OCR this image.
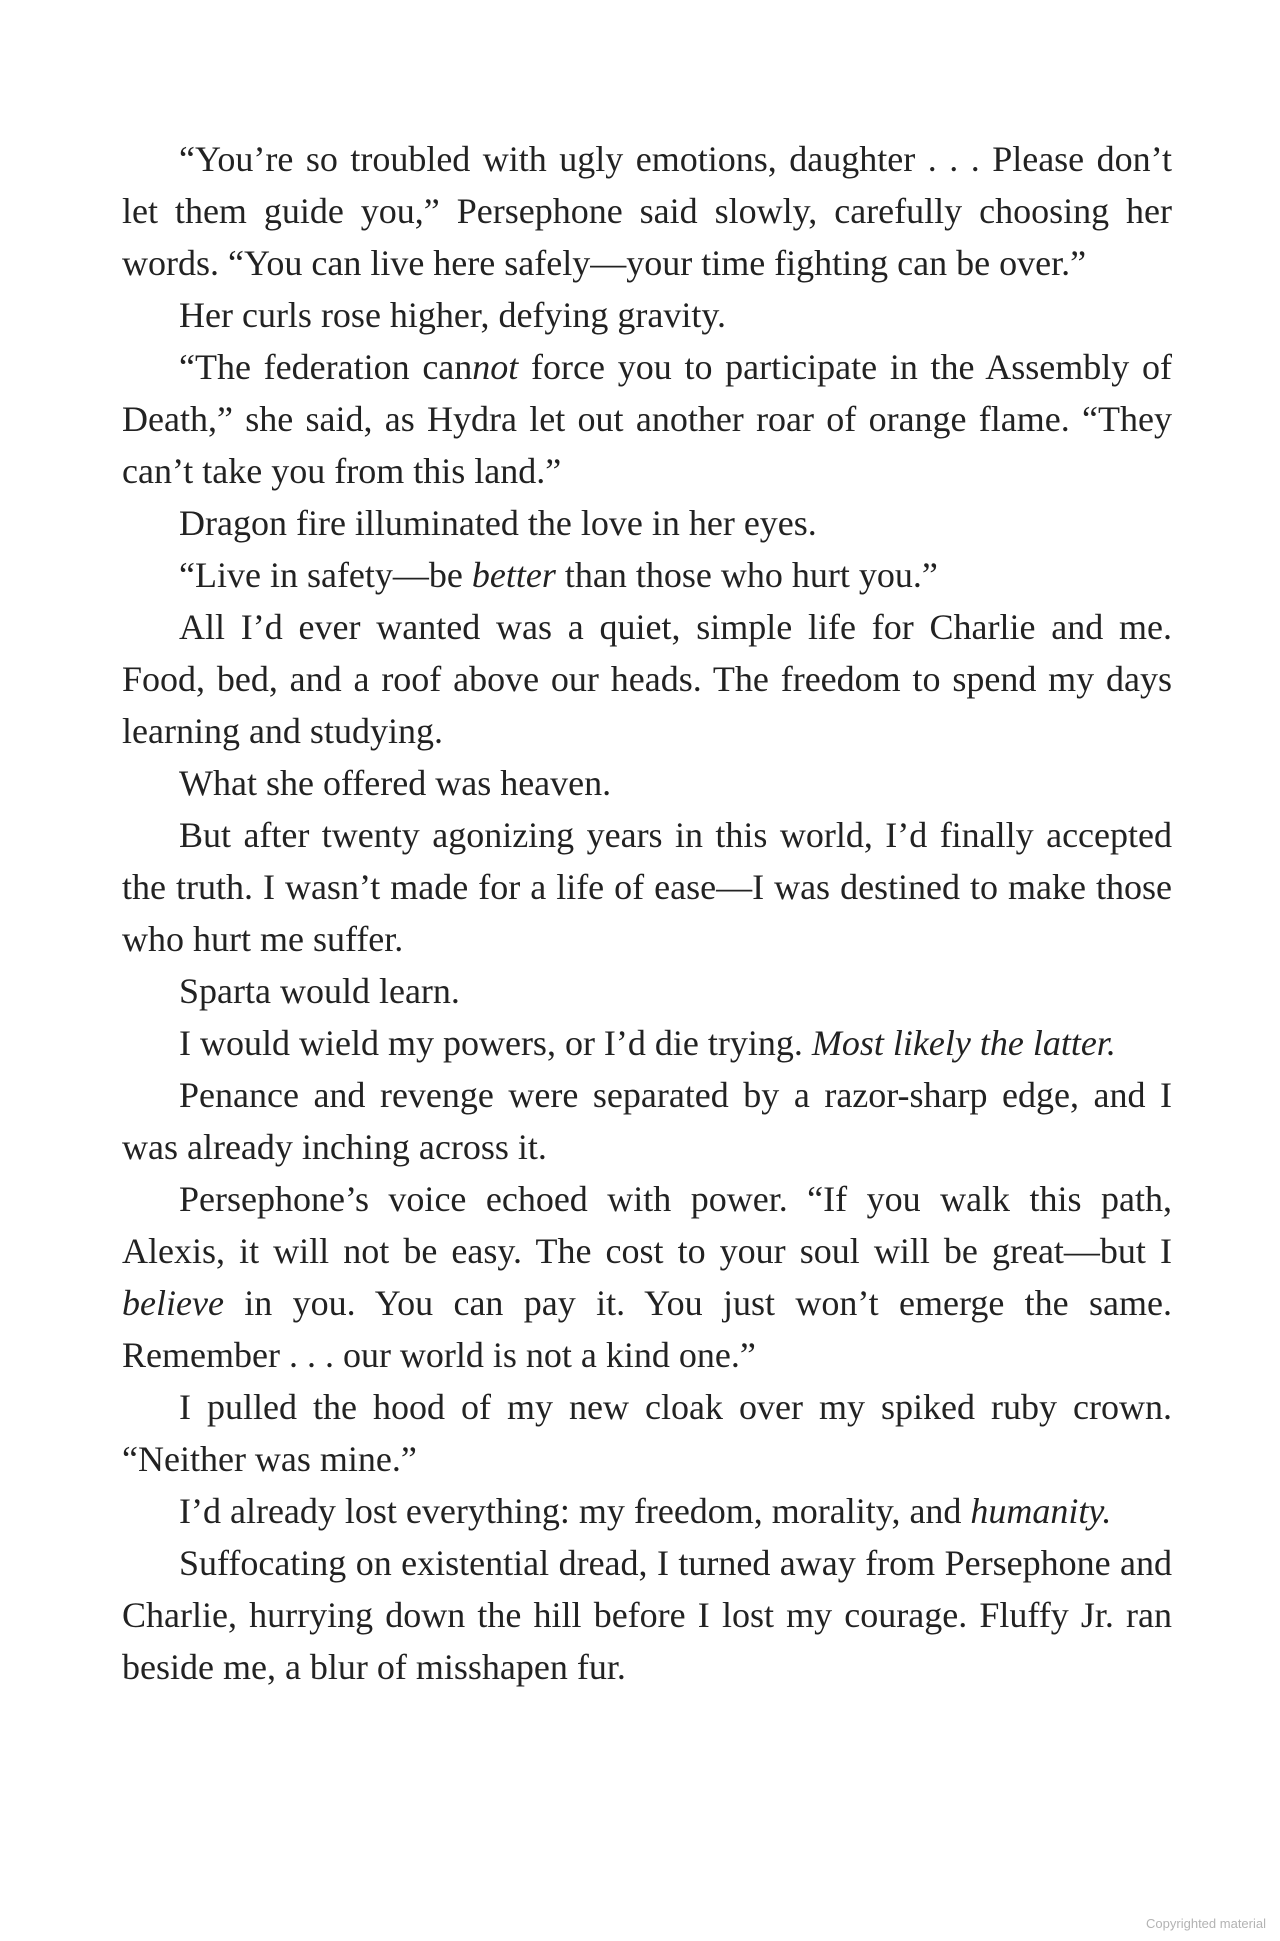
“You’re so troubled with ugly emotions, daughter . . . Please don’t let them guide you,” Persephone said slowly, carefully choosing her words. “You can live here safely—your time fighting can be over.”

Her curls rose higher, defying gravity.

“The federation cannot force you to participate in the Assembly of Death,” she said, as Hydra let out another roar of orange flame. “They can’t take you from this land.”

Dragon fire illuminated the love in her eyes.

“Live in safety—be better than those who hurt you.”

All I’d ever wanted was a quiet, simple life for Charlie and me. Food, bed, and a roof above our heads. The freedom to spend my days learning and studying.

What she offered was heaven.

But after twenty agonizing years in this world, I’d finally accepted the truth. I wasn’t made for a life of ease—I was destined to make those who hurt me suffer.

Sparta would learn.

I would wield my powers, or I’d die trying. Most likely the latter.

Penance and revenge were separated by a razor-sharp edge, and I was already inching across it.

Persephone’s voice echoed with power. “If you walk this path, Alexis, it will not be easy. The cost to your soul will be great—but I believe in you. You can pay it. You just won’t emerge the same. Remember . . . our world is not a kind one.”

I pulled the hood of my new cloak over my spiked ruby crown. “Neither was mine.”

I’d already lost everything: my freedom, morality, and humanity.

Suffocating on existential dread, I turned away from Persephone and Charlie, hurrying down the hill before I lost my courage. Fluffy Jr. ran beside me, a blur of misshapen fur.

Copyrighted material
